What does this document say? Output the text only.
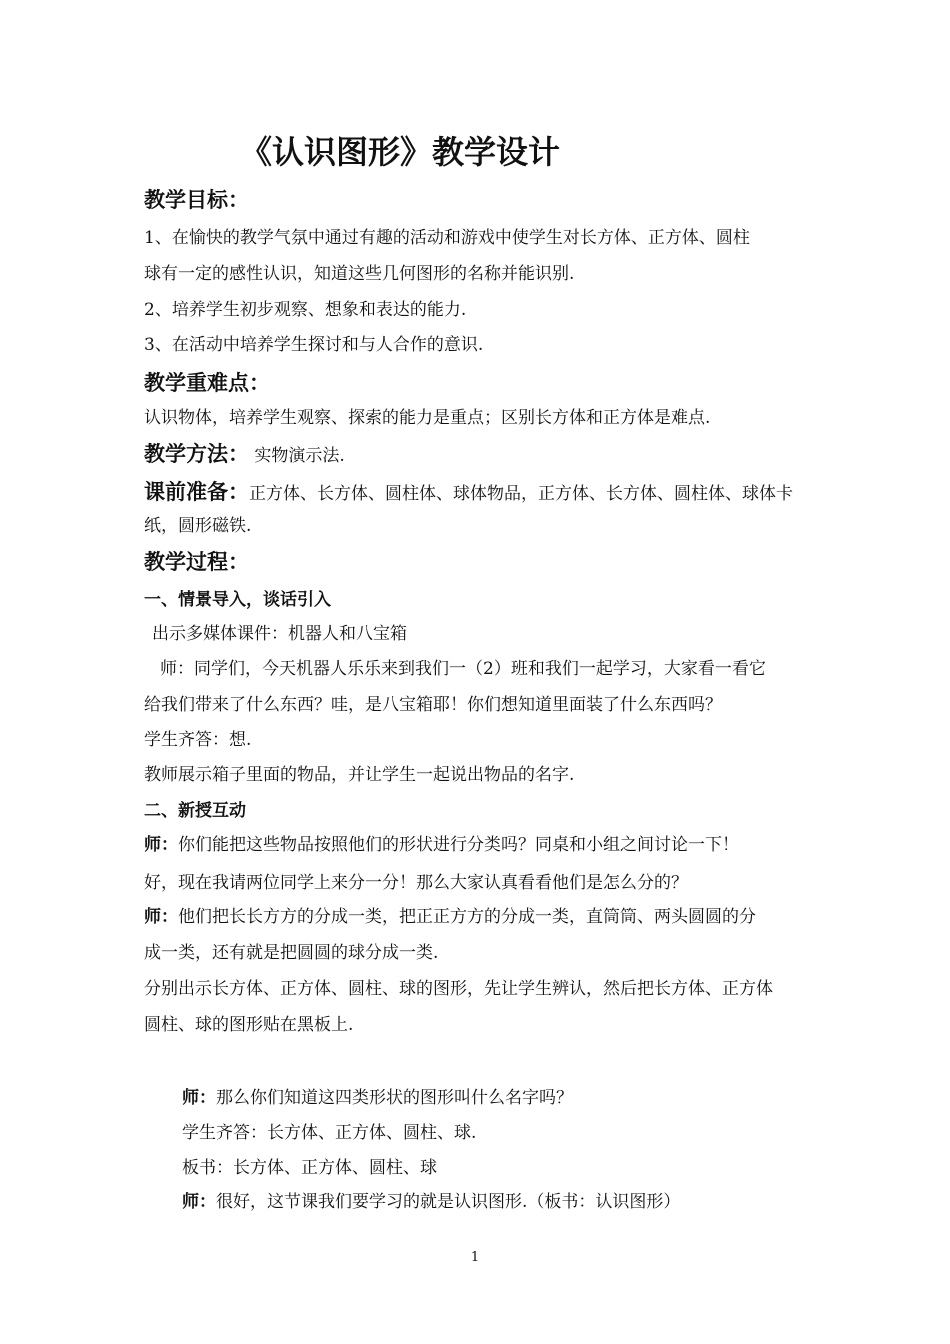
《认识图形》教学设计
教学目标：
1、在愉快的教学气氛中通过有趣的活动和游戏中使学生对长方体、正方体、圆柱
球有一定的感性认识，知道这些几何图形的名称并能识别.
2、培养学生初步观察、想象和表达的能力.
3、在活动中培养学生探讨和与人合作的意识.
教学重难点：
认识物体，培养学生观察、探索的能力是重点；区别长方体和正方体是难点.
教学方法： 实物演示法.
课前准备：正方体、长方体、圆柱体、球体物品，正方体、长方体、圆柱体、球体卡
纸，圆形磁铁.
教学过程：
一、情景导入，谈话引入
出示多媒体课件：机器人和八宝箱
师：同学们，今天机器人乐乐来到我们一（2）班和我们一起学习，大家看一看它
给我们带来了什么东西？哇，是八宝箱耶！你们想知道里面装了什么东西吗？
学生齐答：想.
教师展示箱子里面的物品，并让学生一起说出物品的名字.
二、新授互动
师：你们能把这些物品按照他们的形状进行分类吗？同桌和小组之间讨论一下！
好，现在我请两位同学上来分一分！那么大家认真看看他们是怎么分的？
师：他们把长长方方的分成一类，把正正方方的分成一类，直筒筒、两头圆圆的分
成一类，还有就是把圆圆的球分成一类.
分别出示长方体、正方体、圆柱、球的图形，先让学生辨认，然后把长方体、正方体
圆柱、球的图形贴在黑板上.
师：那么你们知道这四类形状的图形叫什么名字吗？
学生齐答：长方体、正方体、圆柱、球.
板书：长方体、正方体、圆柱、球
师：很好，这节课我们要学习的就是认识图形.（板书：认识图形）
1
